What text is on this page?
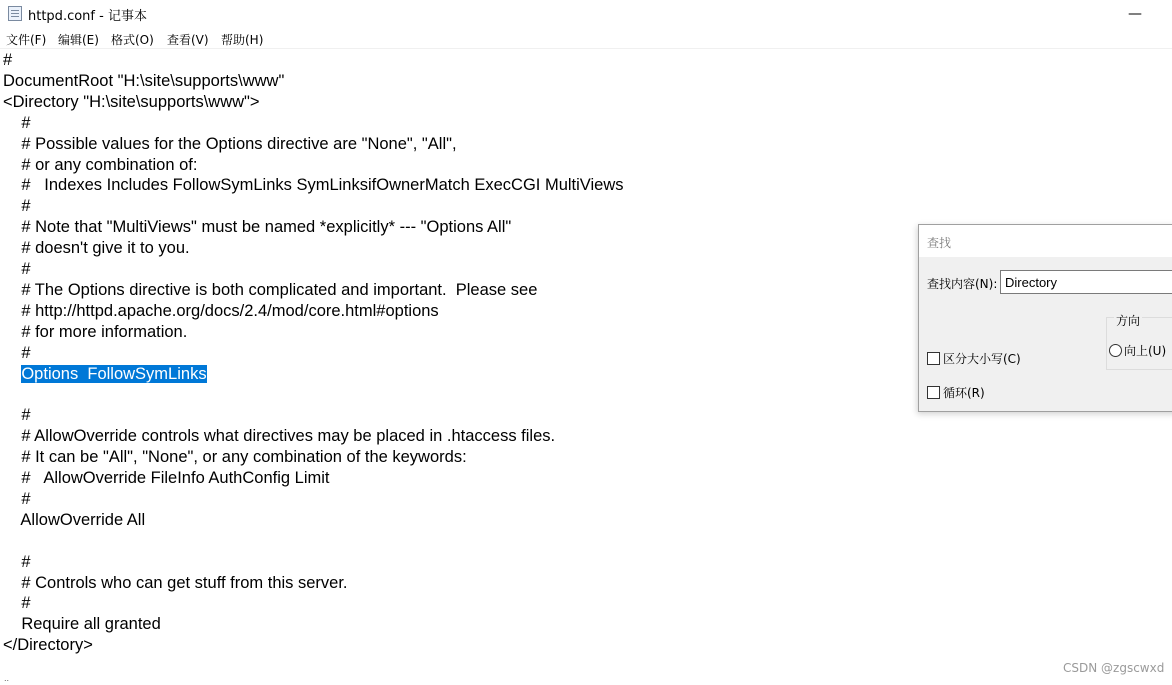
httpd.conf - 记事本	—
文件(F) 编辑(E) 格式(O) 查看(V) 帮助(H)
#
DocumentRoot "H:\site\supports\www"
<Directory "H:\site\supports\www">
#
# Possible values for the Options directive are "None", "All",
# or any combination of:
#   Indexes Includes FollowSymLinks SymLinksifOwnerMatch ExecCGI MultiViews
#
# Note that "MultiViews" must be named *explicitly* --- "Options All"
# doesn't give it to you.
#
# The Options directive is both complicated and important.  Please see
# http://httpd.apache.org/docs/2.4/mod/core.html#options
# for more information.
#
Options  FollowSymLinks
#
# AllowOverride controls what directives may be placed in .htaccess files.
# It can be "All", "None", or any combination of the keywords:
#   AllowOverride FileInfo AuthConfig Limit
#
AllowOverride All
#
# Controls who can get stuff from this server.
#
Require all granted
</Directory>
查找
查找内容(N):
Directory
方向
向上(U)
区分大小写(C)
循环(R)
CSDN @zgscwxd
..
